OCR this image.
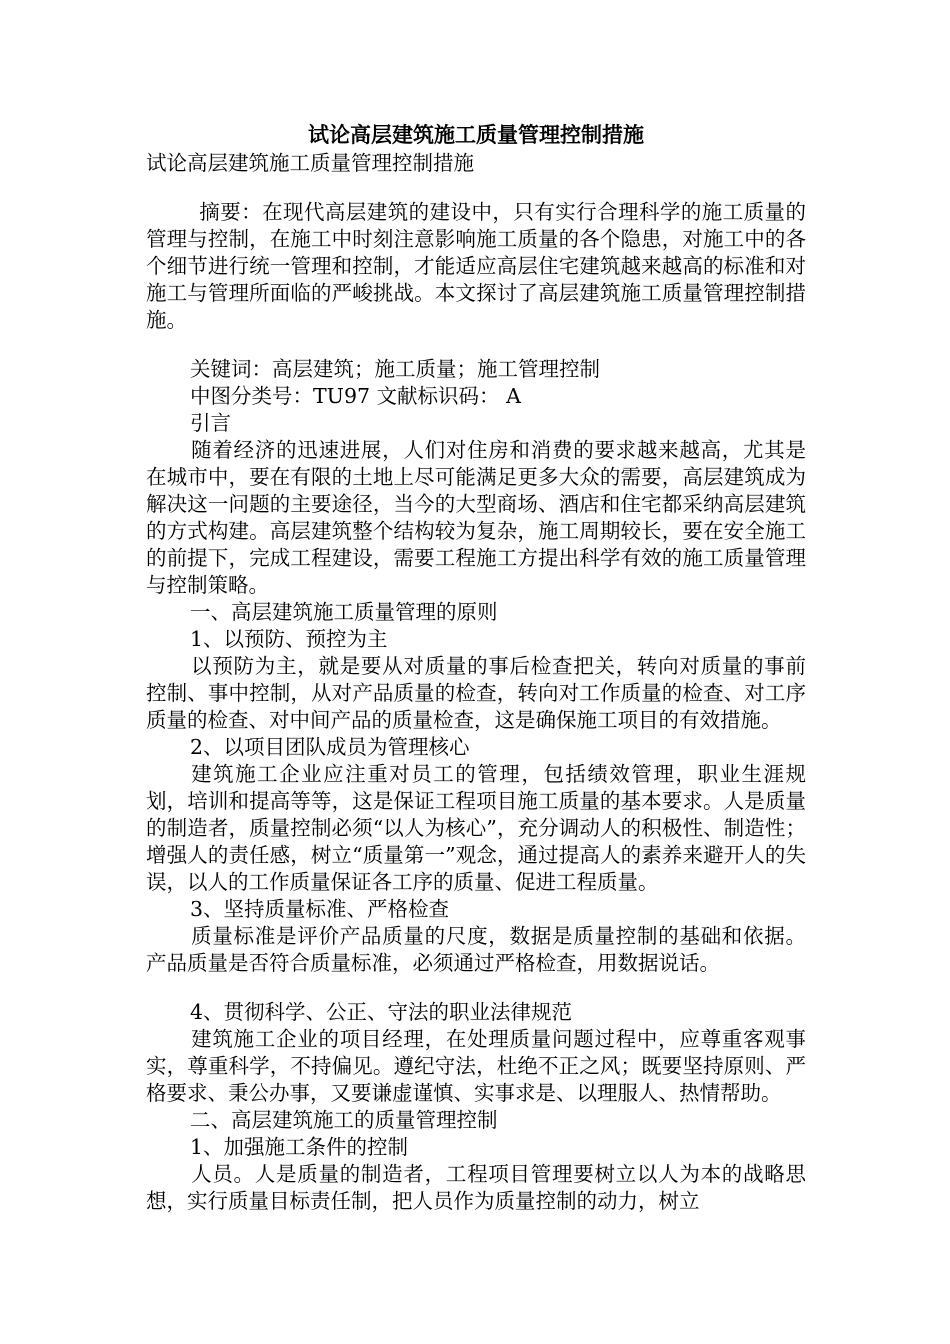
试论高层建筑施工质量管理控制措施

试论高层建筑施工质量管理控制措施

摘要：在现代高层建筑的建设中，只有实行合理科学的施工质量的管理与控制，在施工中时刻注意影响施工质量的各个隐患，对施工中的各个细节进行统一管理和控制，才能适应高层住宅建筑越来越高的标准和对施工与管理所面临的严峻挑战。本文探讨了高层建筑施工质量管理控制措施。

关键词：高层建筑；施工质量；施工管理控制

中图分类号：TU97 文献标识码： A

引言

随着经济的迅速进展，人们对住房和消费的要求越来越高，尤其是在城市中，要在有限的土地上尽可能满足更多大众的需要，高层建筑成为解决这一问题的主要途径，当今的大型商场、酒店和住宅都采纳高层建筑的方式构建。高层建筑整个结构较为复杂，施工周期较长，要在安全施工的前提下，完成工程建设，需要工程施工方提出科学有效的施工质量管理与控制策略。

一、高层建筑施工质量管理的原则

1、以预防、预控为主

以预防为主，就是要从对质量的事后检查把关，转向对质量的事前控制、事中控制，从对产品质量的检查，转向对工作质量的检查、对工序质量的检查、对中间产品的质量检查，这是确保施工项目的有效措施。

2、以项目团队成员为管理核心

建筑施工企业应注重对员工的管理，包括绩效管理，职业生涯规划，培训和提高等等，这是保证工程项目施工质量的基本要求。人是质量的制造者，质量控制必须“以人为核心”，充分调动人的积极性、制造性；增强人的责任感，树立“质量第一”观念，通过提高人的素养来避开人的失误，以人的工作质量保证各工序的质量、促进工程质量。

3、坚持质量标准、严格检查

质量标准是评价产品质量的尺度，数据是质量控制的基础和依据。产品质量是否符合质量标准，必须通过严格检查，用数据说话。

4、贯彻科学、公正、守法的职业法律规范

建筑施工企业的项目经理，在处理质量问题过程中，应尊重客观事实，尊重科学，不持偏见。遵纪守法，杜绝不正之风；既要坚持原则、严格要求、秉公办事，又要谦虚谨慎、实事求是、以理服人、热情帮助。

二、高层建筑施工的质量管理控制

1、加强施工条件的控制

人员。人是质量的制造者，工程项目管理要树立以人为本的战略思想，实行质量目标责任制，把人员作为质量控制的动力，树立
